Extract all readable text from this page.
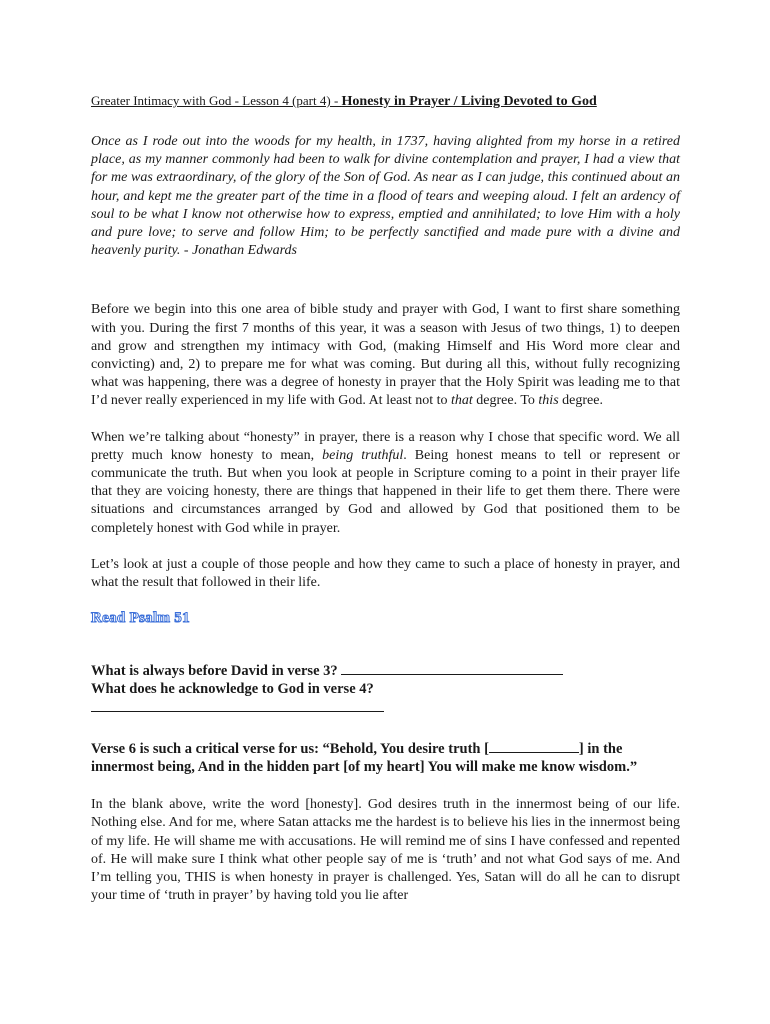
Greater Intimacy with God - Lesson 4 (part 4) - Honesty in Prayer / Living Devoted to God

Once as I rode out into the woods for my health, in 1737, having alighted from my horse in a retired place, as my manner commonly had been to walk for divine contemplation and prayer, I had a view that for me was extraordinary, of the glory of the Son of God. As near as I can judge, this continued about an hour, and kept me the greater part of the time in a flood of tears and weeping aloud. I felt an ardency of soul to be what I know not otherwise how to express, emptied and annihilated; to love Him with a holy and pure love; to serve and follow Him; to be perfectly sanctified and made pure with a divine and heavenly purity. - Jonathan Edwards

Before we begin into this one area of bible study and prayer with God, I want to first share something with you. During the first 7 months of this year, it was a season with Jesus of two things, 1) to deepen and grow and strengthen my intimacy with God, (making Himself and His Word more clear and convicting) and, 2) to prepare me for what was coming. But during all this, without fully recognizing what was happening, there was a degree of honesty in prayer that the Holy Spirit was leading me to that I’d never really experienced in my life with God. At least not to that degree. To this degree.

When we’re talking about “honesty” in prayer, there is a reason why I chose that specific word. We all pretty much know honesty to mean, being truthful. Being honest means to tell or represent or communicate the truth. But when you look at people in Scripture coming to a point in their prayer life that they are voicing honesty, there are things that happened in their life to get them there. There were situations and circumstances arranged by God and allowed by God that positioned them to be completely honest with God while in prayer.

Let’s look at just a couple of those people and how they came to such a place of honesty in prayer, and what the result that followed in their life.

Read Psalm 51
What is always before David in verse 3?
What does he acknowledge to God in verse 4?
Verse 6 is such a critical verse for us: “Behold, You desire truth [	] in the innermost being, And in the hidden part [of my heart] You will make me know wisdom.”

In the blank above, write the word [honesty]. God desires truth in the innermost being of our life. Nothing else. And for me, where Satan attacks me the hardest is to believe his lies in the innermost being of my life. He will shame me with accusations. He will remind me of sins I have confessed and repented of. He will make sure I think what other people say of me is ‘truth’ and not what God says of me. And I’m telling you, THIS is when honesty in prayer is challenged. Yes, Satan will do all he can to disrupt your time of ‘truth in prayer’ by having told you lie after
